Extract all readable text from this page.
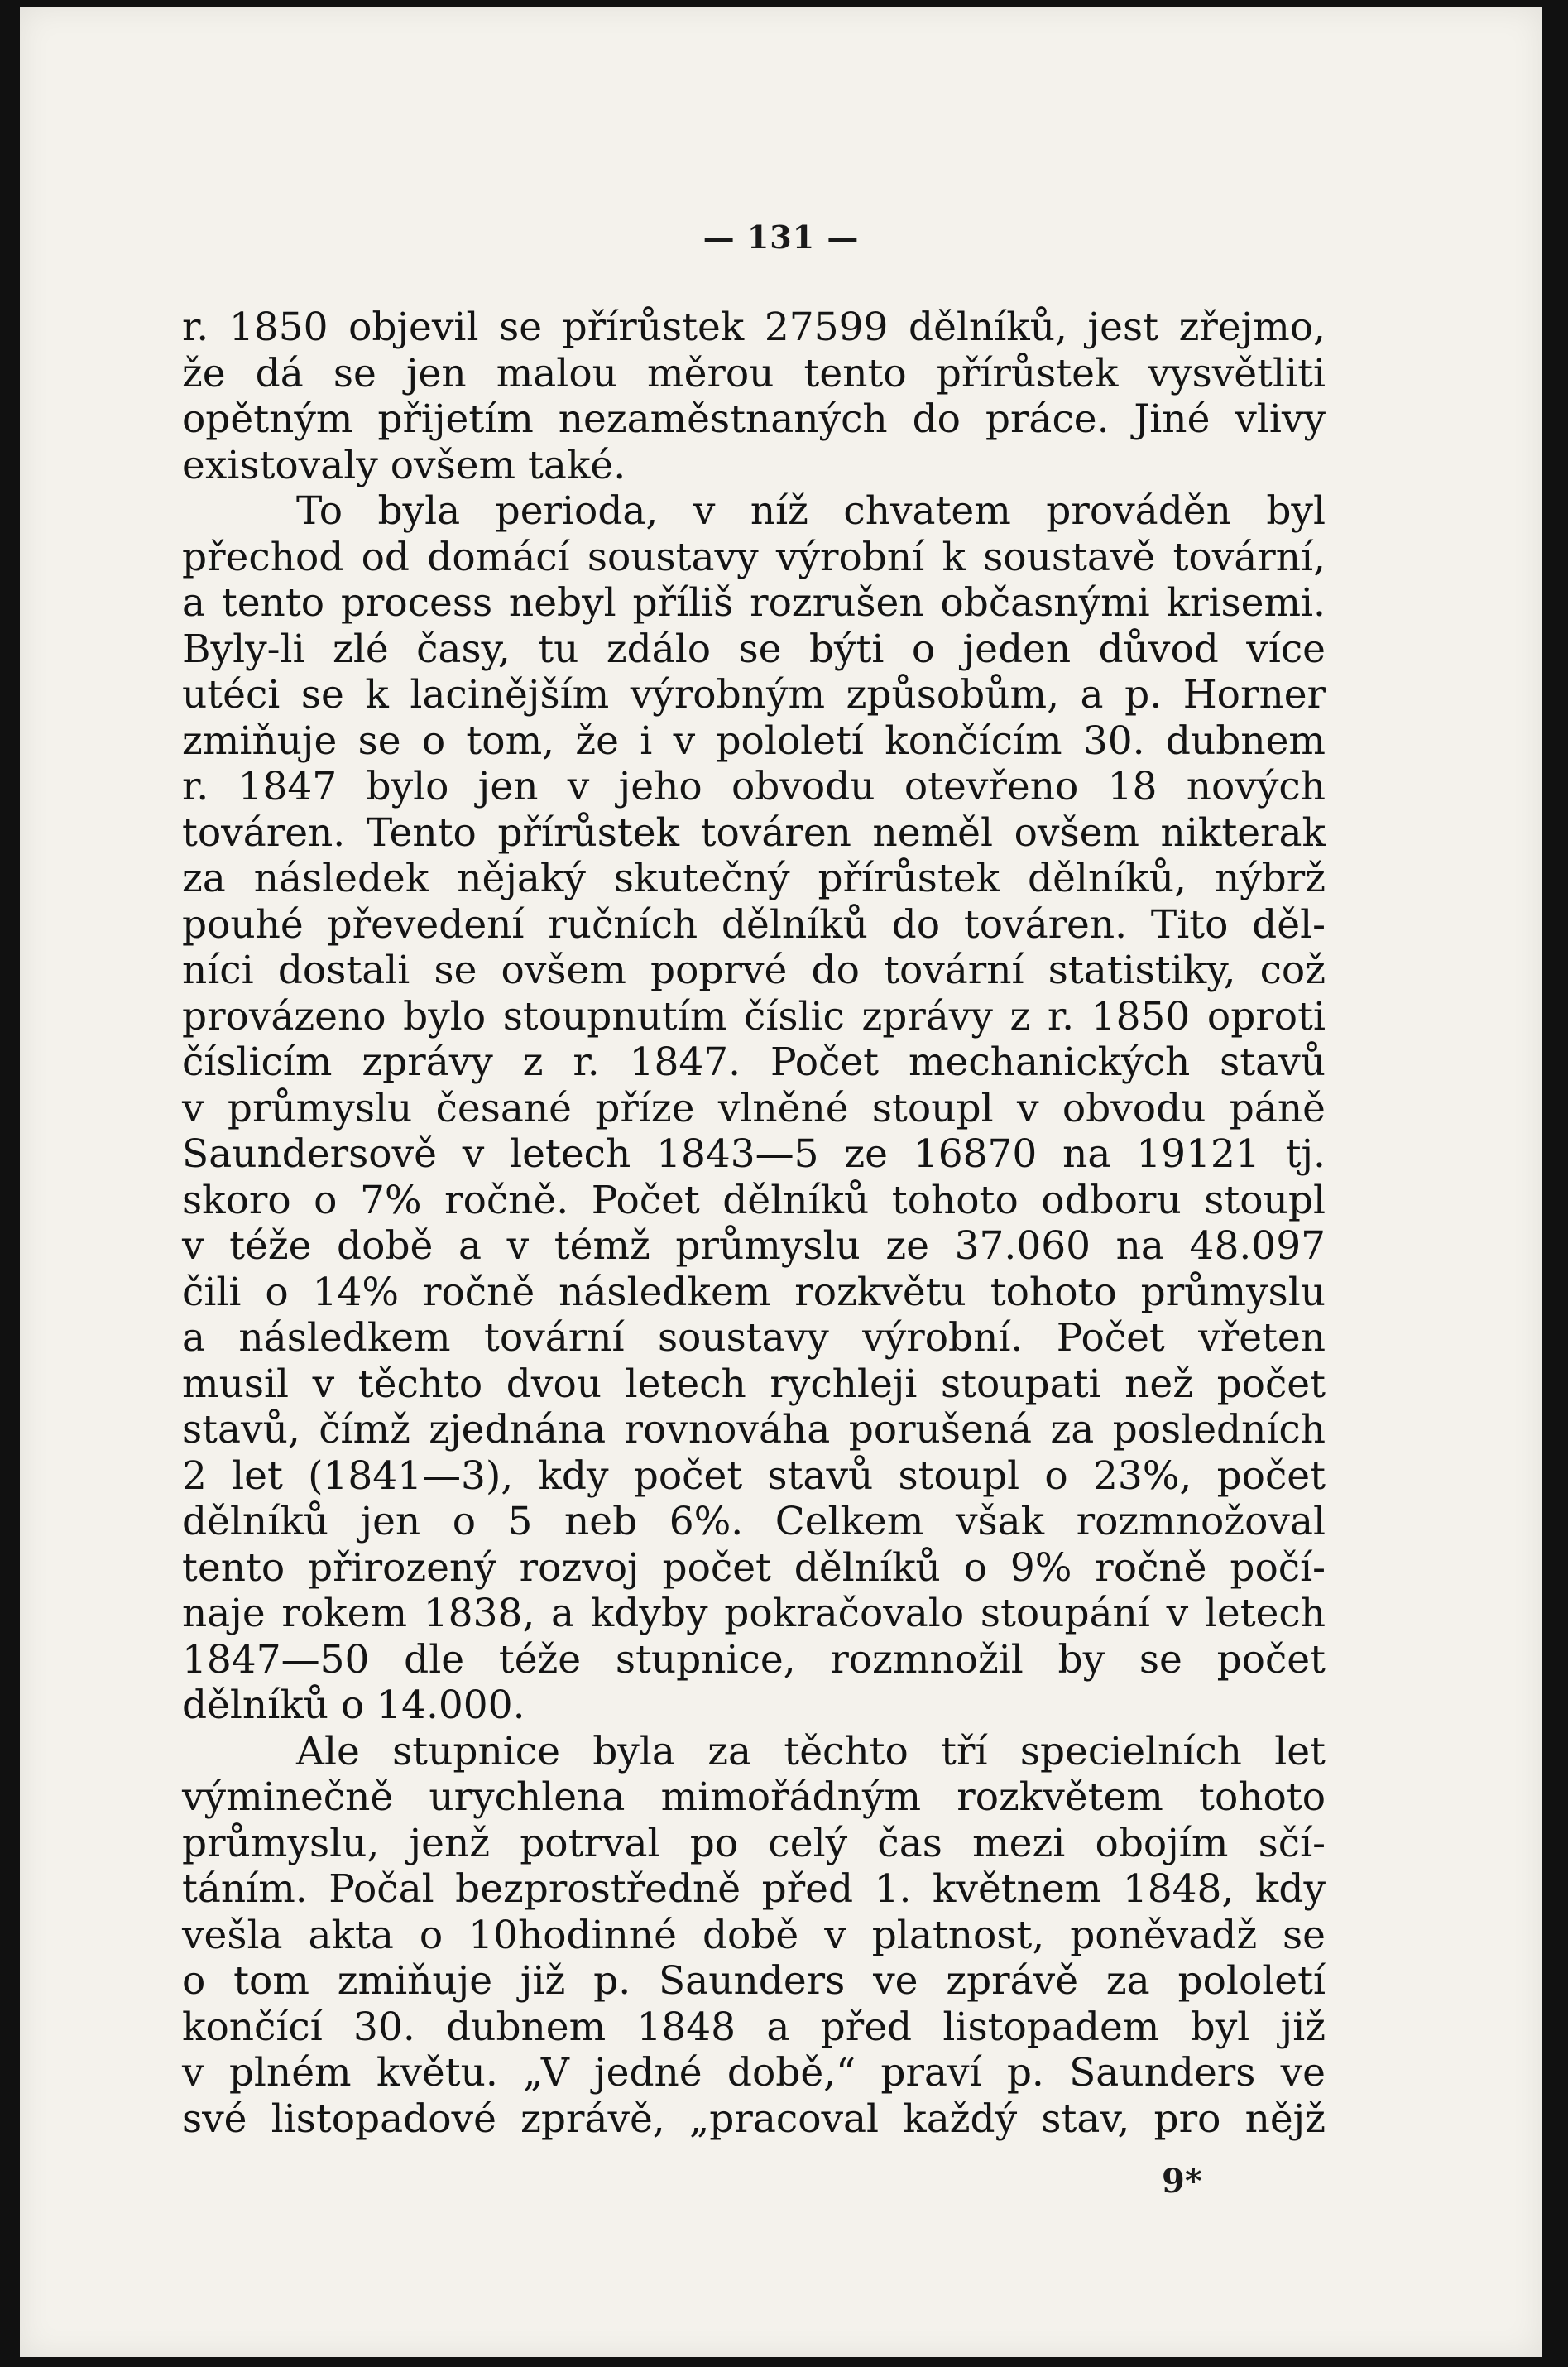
— 131 —
r. 1850 objevil se přírůstek 27599 dělníků, jest zřejmo,
že dá se jen malou měrou tento přírůstek vysvětliti
opětným přijetím nezaměstnaných do práce. Jiné vlivy
existovaly ovšem také.
To byla perioda, v níž chvatem prováděn byl
přechod od domácí soustavy výrobní k soustavě tovární,
a tento process nebyl příliš rozrušen občasnými krisemi.
Byly-li zlé časy, tu zdálo se býti o jeden důvod více
utéci se k lacinějším výrobným způsobům, a p. Horner
zmiňuje se o tom, že i v pololetí končícím 30. dubnem
r. 1847 bylo jen v jeho obvodu otevřeno 18 nových
továren. Tento přírůstek továren neměl ovšem nikterak
za následek nějaký skutečný přírůstek dělníků, nýbrž
pouhé převedení ručních dělníků do továren. Tito děl-
níci dostali se ovšem poprvé do tovární statistiky, což
provázeno bylo stoupnutím číslic zprávy z r. 1850 oproti
číslicím zprávy z r. 1847. Počet mechanických stavů
v průmyslu česané příze vlněné stoupl v obvodu páně
Saundersově v letech 1843—5 ze 16870 na 19121 tj.
skoro o 7% ročně. Počet dělníků tohoto odboru stoupl
v téže době a v témž průmyslu ze 37.060 na 48.097
čili o 14% ročně následkem rozkvětu tohoto průmyslu
a následkem tovární soustavy výrobní. Počet vřeten
musil v těchto dvou letech rychleji stoupati než počet
stavů, čímž zjednána rovnováha porušená za posledních
2 let (1841—3), kdy počet stavů stoupl o 23%, počet
dělníků jen o 5 neb 6%. Celkem však rozmnožoval
tento přirozený rozvoj počet dělníků o 9% ročně počí-
naje rokem 1838, a kdyby pokračovalo stoupání v letech
1847—50 dle téže stupnice, rozmnožil by se počet
dělníků o 14.000.
Ale stupnice byla za těchto tří specielních let
výminečně urychlena mimořádným rozkvětem tohoto
průmyslu, jenž potrval po celý čas mezi obojím sčí-
táním. Počal bezprostředně před 1. květnem 1848, kdy
vešla akta o 10hodinné době v platnost, poněvadž se
o tom zmiňuje již p. Saunders ve zprávě za pololetí
končící 30. dubnem 1848 a před listopadem byl již
v plném květu. „V jedné době,“ praví p. Saunders ve
své listopadové zprávě, „pracoval každý stav, pro nějž
9*
